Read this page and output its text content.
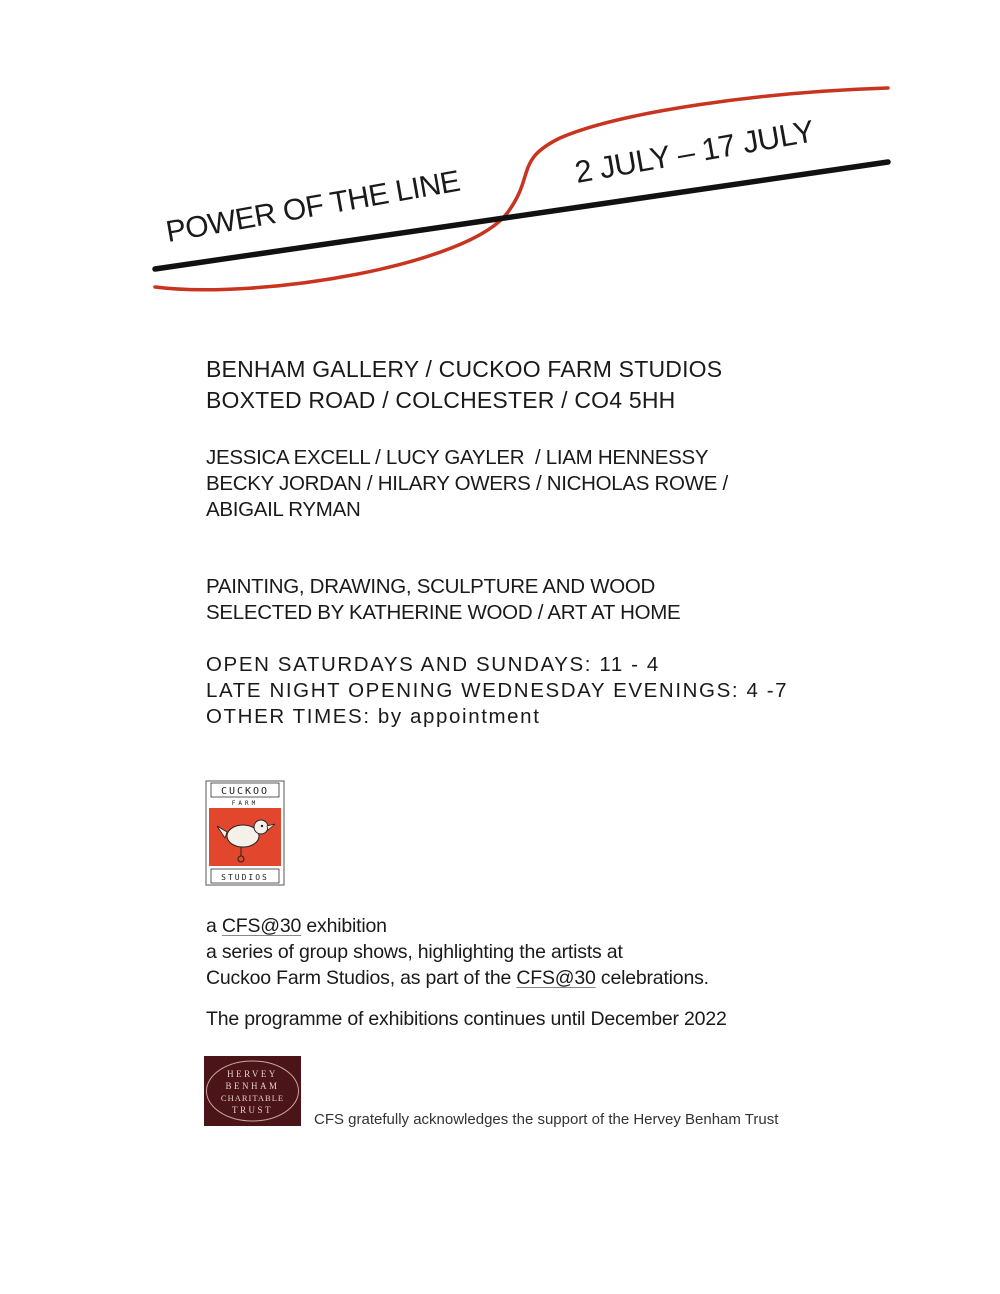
POWER OF THE LINE
2 JULY – 17 JULY
BENHAM GALLERY / CUCKOO FARM STUDIOS
BOXTED ROAD / COLCHESTER / CO4 5HH
JESSICA EXCELL / LUCY GAYLER  / LIAM HENNESSY
BECKY JORDAN / HILARY OWERS / NICHOLAS ROWE /
ABIGAIL RYMAN
PAINTING, DRAWING, SCULPTURE AND WOOD
SELECTED BY KATHERINE WOOD / ART AT HOME
OPEN SATURDAYS AND SUNDAYS: 11 - 4
LATE NIGHT OPENING WEDNESDAY EVENINGS: 4 -7
OTHER TIMES: by appointment
CUCKOO
FARM
STUDIOS
a CFS@30 exhibition
a series of group shows, highlighting the artists at
Cuckoo Farm Studios, as part of the CFS@30 celebrations.
The programme of exhibitions continues until December 2022
HERVEY
BENHAM
CHARITABLE
TRUST
CFS gratefully acknowledges the support of the Hervey Benham Trust
